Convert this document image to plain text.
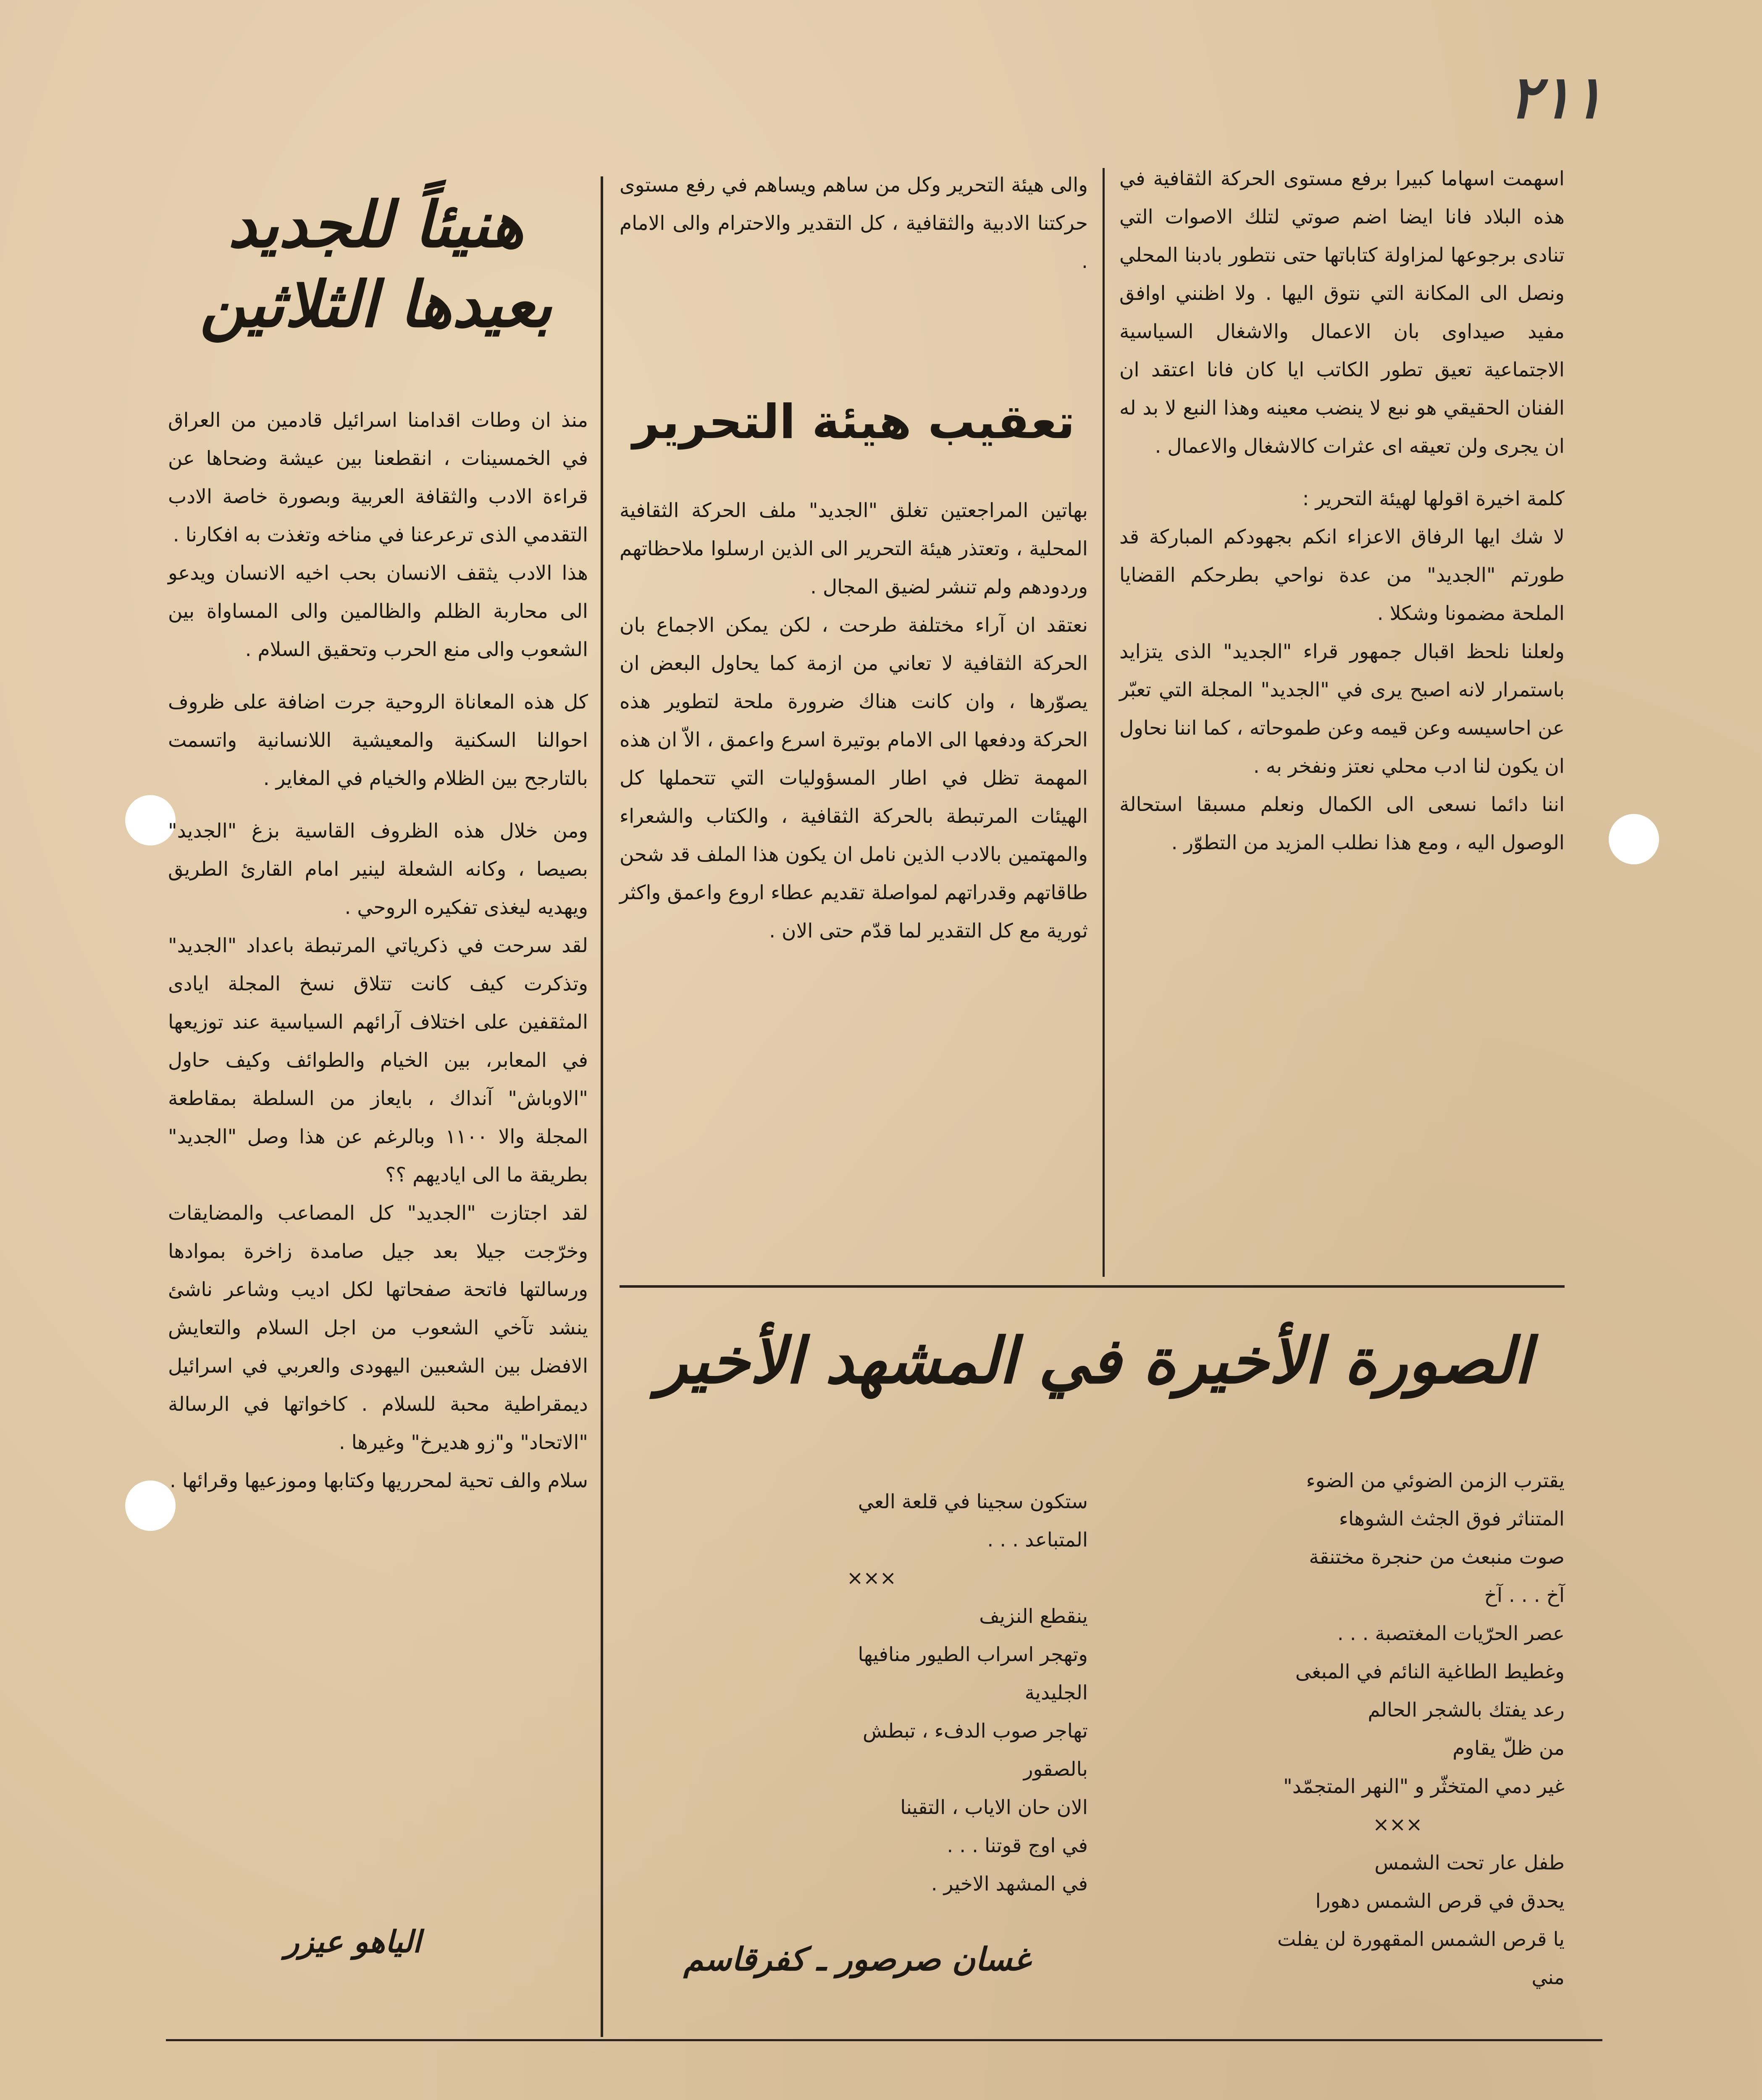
٢١١
هنيئاً للجديد
بعيدها الثلاثين

منذ ان وطات اقدامنا اسرائيل قادمين من العراق في الخمسينات ، انقطعنا بين عيشة وضحاها عن قراءة الادب والثقافة العربية وبصورة خاصة الادب التقدمي الذى ترعرعنا في مناخه وتغذت به افكارنا .

هذا الادب يثقف الانسان بحب اخيه الانسان ويدعو الى محاربة الظلم والظالمين والى المساواة بين الشعوب والى منع الحرب وتحقيق السلام .

كل هذه المعاناة الروحية جرت اضافة على ظروف احوالنا السكنية والمعيشية اللانسانية واتسمت بالتارجح بين الظلام والخيام في المغاير .

ومن خلال هذه الظروف القاسية بزغ "الجديد" بصيصا ، وكانه الشعلة لينير امام القارئ الطريق ويهديه ليغذى تفكيره الروحي .

لقد سرحت في ذكرياتي المرتبطة باعداد "الجديد" وتذكرت كيف كانت تتلاق نسخ المجلة ايادى المثقفين على اختلاف آرائهم السياسية عند توزيعها في المعابر، بين الخيام والطوائف وكيف حاول "الاوباش" آنداك ، بايعاز من السلطة بمقاطعة المجلة والا ١١٠٠ وبالرغم عن هذا وصل "الجديد" بطريقة ما الى اياديهم ؟؟

لقد اجتازت "الجديد" كل المصاعب والمضايقات وخرّجت جيلا بعد جيل صامدة زاخرة بموادها ورسالتها فاتحة صفحاتها لكل اديب وشاعر ناشئ ينشد تآخي الشعوب من اجل السلام والتعايش الافضل بين الشعبين اليهودى والعربي في اسرائيل ديمقراطية محبة للسلام . كاخواتها في الرسالة "الاتحاد" و"زو هديرخ" وغيرها .

سلام والف تحية لمحرريها وكتابها وموزعيها وقرائها .

الياهو عيزر

والى هيئة التحرير وكل من ساهم ويساهم في رفع مستوى حركتنا الادبية والثقافية ، كل التقدير والاحترام والى الامام .

تعقيب هيئة التحرير

بهاتين المراجعتين تغلق "الجديد" ملف الحركة الثقافية المحلية ، وتعتذر هيئة التحرير الى الذين ارسلوا ملاحظاتهم وردودهم ولم تنشر لضيق المجال .

نعتقد ان آراء مختلفة طرحت ، لكن يمكن الاجماع بان الحركة الثقافية لا تعاني من ازمة كما يحاول البعض ان يصوّرها ، وان كانت هناك ضرورة ملحة لتطوير هذه الحركة ودفعها الى الامام بوتيرة اسرع واعمق ، الاّ ان هذه المهمة تظل في اطار المسؤوليات التي تتحملها كل الهيئات المرتبطة بالحركة الثقافية ، والكتاب والشعراء والمهتمين بالادب الذين نامل ان يكون هذا الملف قد شحن طاقاتهم وقدراتهم لمواصلة تقديم عطاء اروع واعمق واكثر ثورية مع كل التقدير لما قدّم حتى الان .

اسهمت اسهاما كبيرا برفع مستوى الحركة الثقافية في هذه البلاد فانا ايضا اضم صوتي لتلك الاصوات التي تنادى برجوعها لمزاولة كتاباتها حتى نتطور بادبنا المحلي ونصل الى المكانة التي نتوق اليها . ولا اظنني اوافق مفيد صيداوى بان الاعمال والاشغال السياسية الاجتماعية تعيق تطور الكاتب ايا كان فانا اعتقد ان الفنان الحقيقي هو نبع لا ينضب معينه وهذا النبع لا بد له ان يجرى ولن تعيقه اى عثرات كالاشغال والاعمال .

كلمة اخيرة اقولها لهيئة التحرير :

لا شك ايها الرفاق الاعزاء انكم بجهودكم المباركة قد طورتم "الجديد" من عدة نواحي بطرحكم القضايا الملحة مضمونا وشكلا .

ولعلنا نلحظ اقبال جمهور قراء "الجديد" الذى يتزايد باستمرار لانه اصبح يرى في "الجديد" المجلة التي تعبّر عن احاسيسه وعن قيمه وعن طموحاته ، كما اننا نحاول ان يكون لنا ادب محلي نعتز ونفخر به .

اننا دائما نسعى الى الكمال ونعلم مسبقا استحالة الوصول اليه ، ومع هذا نطلب المزيد من التطوّر .

الصورة الأخيرة في المشهد الأخير
يقترب الزمن الضوئي من الضوء
المتناثر فوق الجثث الشوهاء
صوت منبعث من حنجرة مختنقة
آخ . . . آخ
عصر الحرّيات المغتصبة . . .
وغطيط الطاغية النائم في المبغى
رعد يفتك بالشجر الحالم
من ظلّ يقاوم
غير دمي المتخثّر و "النهر المتجمّد"
×××
طفل عار تحت الشمس
يحدق في قرص الشمس دهورا
يا قرص الشمس المقهورة لن يفلت
مني
ستكون سجينا في قلعة العي
المتباعد . . .
×××
ينقطع النزيف
وتهجر اسراب الطيور منافيها
الجليدية
تهاجر صوب الدفء ، تبطش
بالصقور
الان حان الاياب ، التقينا
في اوج قوتنا . . .
في المشهد الاخير .
غسان صرصور ـ كفرقاسم
